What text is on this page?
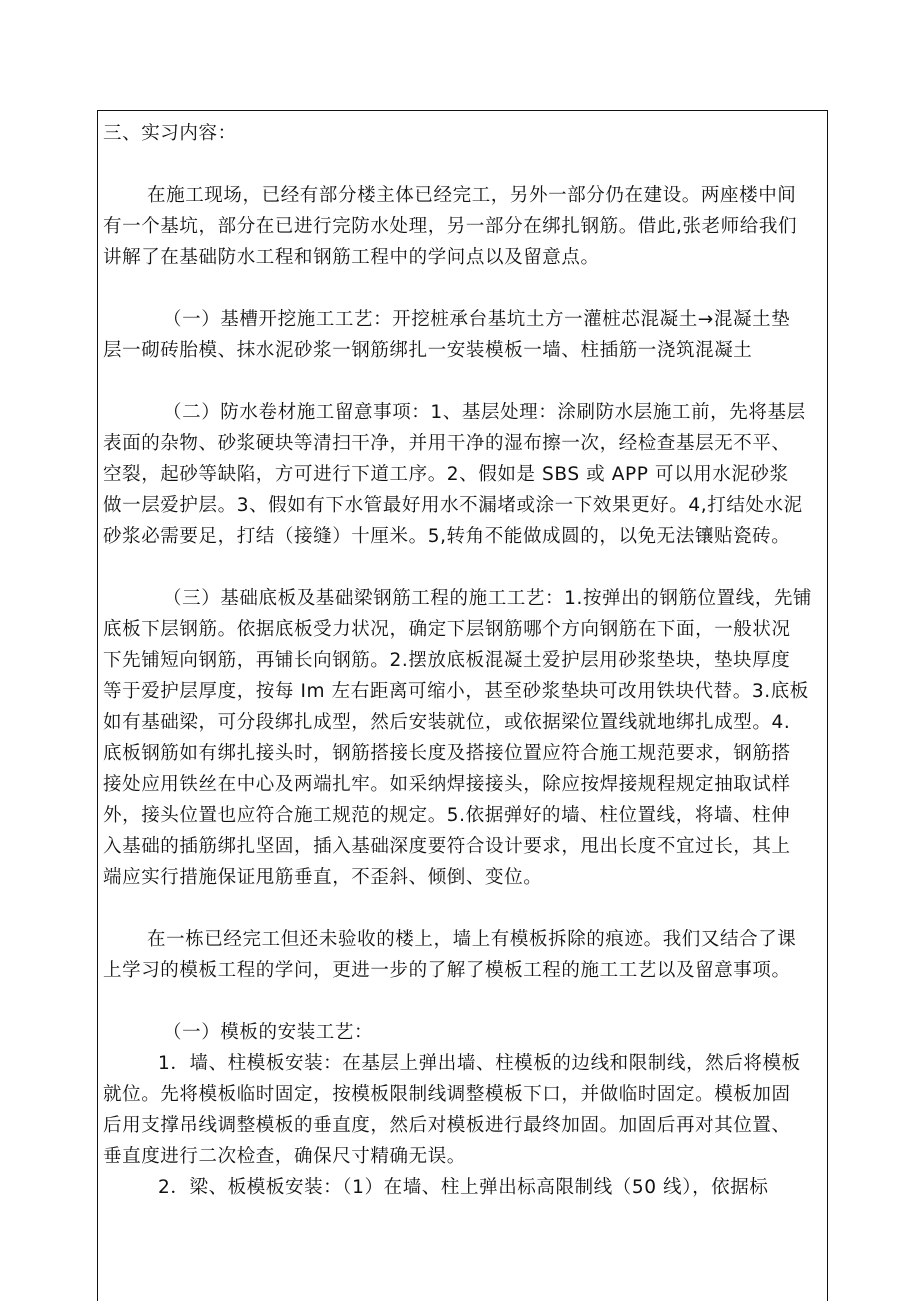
三、实习内容：
在施工现场，已经有部分楼主体已经完工，另外一部分仍在建设。两座楼中间
有一个基坑，部分在已进行完防水处理，另一部分在绑扎钢筋。借此,张老师给我们
讲解了在基础防水工程和钢筋工程中的学问点以及留意点。
（一）基槽开挖施工工艺：开挖桩承台基坑土方一灌桩芯混凝土→混凝土垫
层一砌砖胎模、抹水泥砂浆一钢筋绑扎一安装模板一墙、柱插筋一浇筑混凝土
（二）防水卷材施工留意事项：1、基层处理：涂刷防水层施工前，先将基层
表面的杂物、砂浆硬块等清扫干净，并用干净的湿布擦一次，经检查基层无不平、
空裂，起砂等缺陷，方可进行下道工序。2、假如是 SBS 或 APP 可以用水泥砂浆
做一层爱护层。3、假如有下水管最好用水不漏堵或涂一下效果更好。4,打结处水泥
砂浆必需要足，打结（接缝）十厘米。5,转角不能做成圆的，以免无法镶贴瓷砖。
（三）基础底板及基础梁钢筋工程的施工工艺：1.按弹出的钢筋位置线，先铺
底板下层钢筋。依据底板受力状况，确定下层钢筋哪个方向钢筋在下面，一般状况
下先铺短向钢筋，再铺长向钢筋。2.摆放底板混凝土爱护层用砂浆垫块，垫块厚度
等于爱护层厚度，按每 Im 左右距离可缩小，甚至砂浆垫块可改用铁块代替。3.底板
如有基础梁，可分段绑扎成型，然后安装就位，或依据梁位置线就地绑扎成型。4.
底板钢筋如有绑扎接头时，钢筋搭接长度及搭接位置应符合施工规范要求，钢筋搭
接处应用铁丝在中心及两端扎牢。如采纳焊接接头，除应按焊接规程规定抽取试样
外，接头位置也应符合施工规范的规定。5.依据弹好的墙、柱位置线，将墙、柱伸
入基础的插筋绑扎坚固，插入基础深度要符合设计要求，甩出长度不宜过长，其上
端应实行措施保证甩筋垂直，不歪斜、倾倒、变位。
在一栋已经完工但还未验收的楼上，墙上有模板拆除的痕迹。我们又结合了课
上学习的模板工程的学问，更进一步的了解了模板工程的施工工艺以及留意事项。
（一）模板的安装工艺：
1．墙、柱模板安装：在基层上弹出墙、柱模板的边线和限制线，然后将模板
就位。先将模板临时固定，按模板限制线调整模板下口，并做临时固定。模板加固
后用支撑吊线调整模板的垂直度，然后对模板进行最终加固。加固后再对其位置、
垂直度进行二次检查，确保尺寸精确无误。
2．梁、板模板安装：（1）在墙、柱上弹出标高限制线（50 线），依据标
